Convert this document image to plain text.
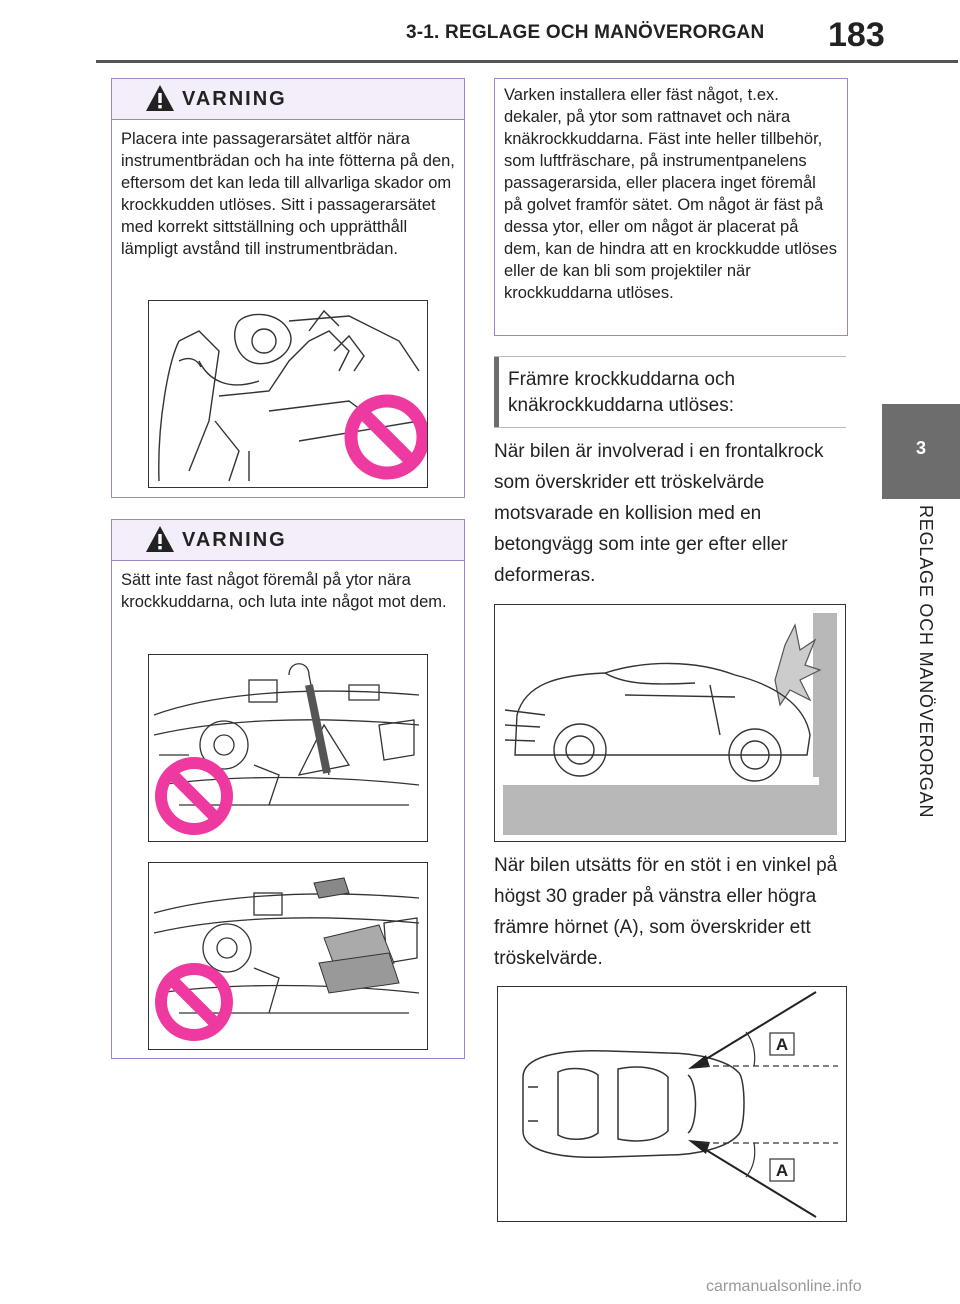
3-1. REGLAGE OCH MANÖVERORGAN 183
3
REGLAGE OCH MANÖVERORGAN
VARNING
Placera inte passagerarsätet altför nära instrumentbrädan och ha inte fötterna på den, eftersom det kan leda till allvarliga skador om krockkudden utlöses. Sitt i passagerarsätet med korrekt sittställning och upprätthåll lämpligt avstånd till instrumentbrädan.
VARNING
Sätt inte fast något föremål på ytor nära krockkuddarna, och luta inte något mot dem.
Varken installera eller fäst något, t.ex. dekaler, på ytor som rattnavet och nära knäkrockkuddarna. Fäst inte heller tillbehör, som luftfräschare, på instrumentpanelens passagerarsida, eller placera inget föremål på golvet framför sätet. Om något är fäst på dessa ytor, eller om något är placerat på dem, kan de hindra att en krockkudde utlöses eller de kan bli som projektiler när krockkuddarna utlöses.
Främre krockkuddarna och knäkrockkuddarna utlöses:
När bilen är involverad i en frontalkrock som överskrider ett tröskelvärde motsvarade en kollision med en betongvägg som inte ger efter eller deformeras.
När bilen utsätts för en stöt i en vinkel på högst 30 grader på vänstra eller högra främre hörnet (A), som överskrider ett tröskelvärde.
A
A
carmanualsonline.info
